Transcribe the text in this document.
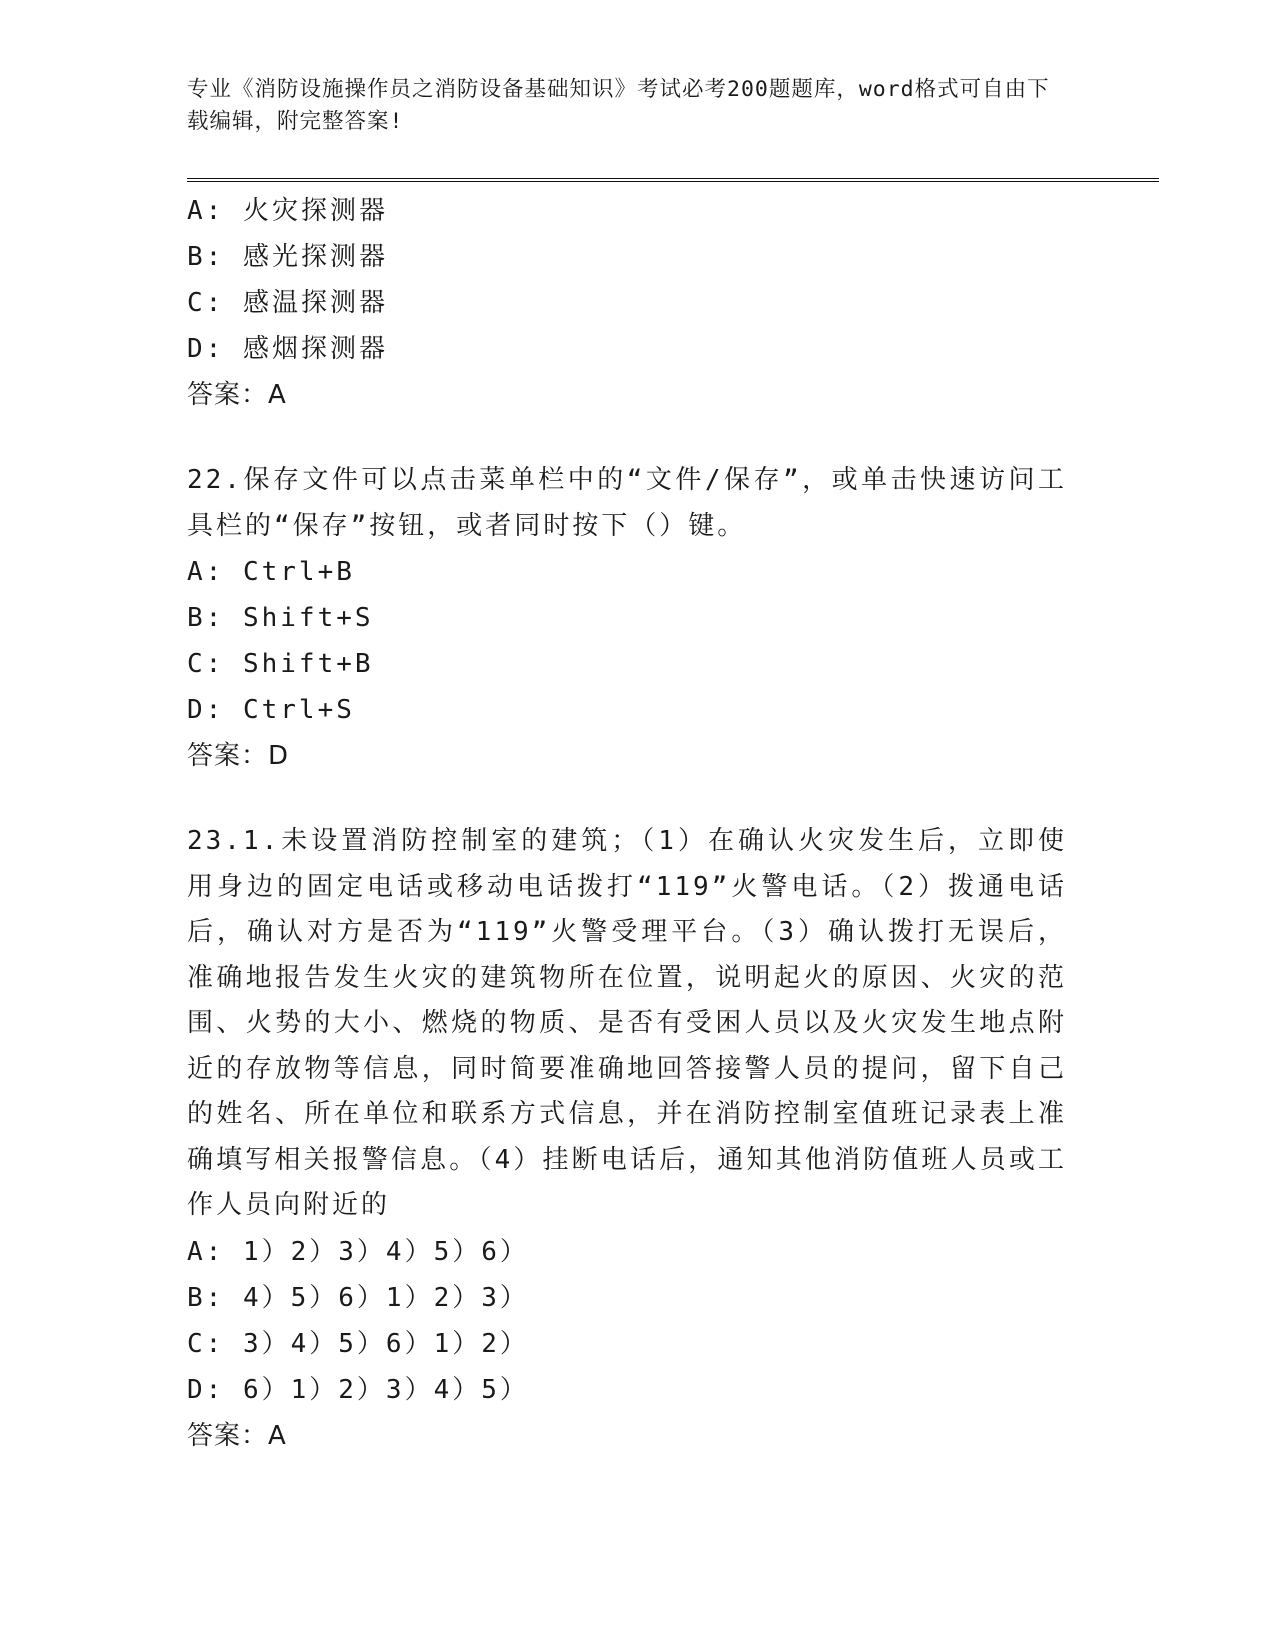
专业《消防设施操作员之消防设备基础知识》考试必考200题题库，word格式可自由下载编辑，附完整答案!
A: 火灾探测器
B: 感光探测器
C: 感温探测器
D: 感烟探测器
答案：A
22.保存文件可以点击菜单栏中的“文件/保存”，或单击快速访问工具栏的“保存”按钮，或者同时按下（）键。
A: Ctrl+B
B: Shift+S
C: Shift+B
D: Ctrl+S
答案：D
23.1.未设置消防控制室的建筑；（1）在确认火灾发生后，立即使用身边的固定电话或移动电话拨打“119”火警电话。（2）拨通电话后，确认对方是否为“119”火警受理平台。（3）确认拨打无误后，准确地报告发生火灾的建筑物所在位置，说明起火的原因、火灾的范围、火势的大小、燃烧的物质、是否有受困人员以及火灾发生地点附近的存放物等信息，同时简要准确地回答接警人员的提问，留下自己的姓名、所在单位和联系方式信息，并在消防控制室值班记录表上准确填写相关报警信息。（4）挂断电话后，通知其他消防值班人员或工作人员向附近的
A: 1）2）3）4）5）6）
B: 4）5）6）1）2）3）
C: 3）4）5）6）1）2）
D: 6）1）2）3）4）5）
答案：A
